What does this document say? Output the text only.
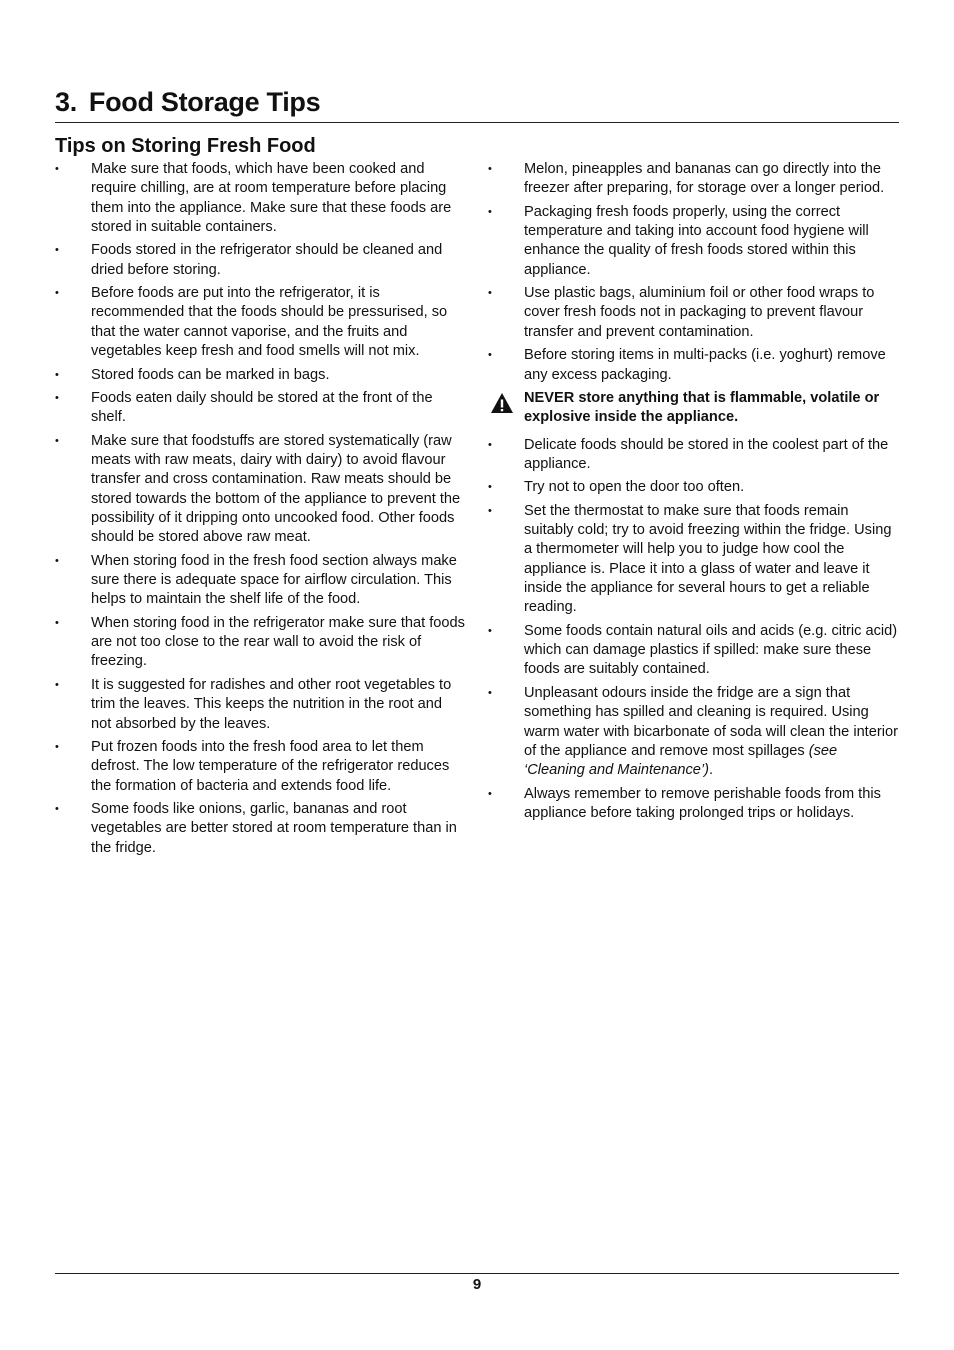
3. Food Storage Tips
Tips on Storing Fresh Food
•	Make sure that foods, which have been cooked and require chilling, are at room temperature before placing them into the appliance. Make sure that these foods are stored in suitable containers.
•	Foods stored in the refrigerator should be cleaned and dried before storing.
•	Before foods are put into the refrigerator, it is recommended that the foods should be pressurised, so that the water cannot vaporise, and the fruits and vegetables keep fresh and food smells will not mix.
•	Stored foods can be marked in bags.
•	Foods eaten daily should be stored at the front of the shelf.
•	Make sure that foodstuffs are stored systematically (raw meats with raw meats, dairy with dairy) to avoid flavour transfer and cross contamination. Raw meats should be stored towards the bottom of the appliance to prevent the possibility of it dripping onto uncooked food. Other foods should be stored above raw meat.
•	When storing food in the fresh food section always make sure there is adequate space for airflow circulation. This helps to maintain the shelf life of the food.
•	When storing food in the refrigerator make sure that foods are not too close to the rear wall to avoid the risk of freezing.
•	It is suggested for radishes and other root vegetables to trim the leaves. This keeps the nutrition in the root and not absorbed by the leaves.
•	Put frozen foods into the fresh food area to let them defrost. The low temperature of the refrigerator reduces the formation of bacteria and extends food life.
•	Some foods like onions, garlic, bananas and root vegetables are better stored at room temperature than in the fridge.
•	Melon, pineapples and bananas can go directly into the freezer after preparing, for storage over a longer period.
•	Packaging fresh foods properly, using the correct temperature and taking into account food hygiene will enhance the quality of fresh foods stored within this appliance.
•	Use plastic bags, aluminium foil or other food wraps to cover fresh foods not in packaging to prevent flavour transfer and prevent contamination.
•	Before storing items in multi-packs (i.e. yoghurt) remove any excess packaging.
NEVER store anything that is flammable, volatile or explosive inside the appliance.
•	Delicate foods should be stored in the coolest part of the appliance.
•	Try not to open the door too often.
•	Set the thermostat to make sure that foods remain suitably cold; try to avoid freezing within the fridge. Using a thermometer will help you to judge how cool the appliance is. Place it into a glass of water and leave it inside the appliance for several hours to get a reliable reading.
•	Some foods contain natural oils and acids (e.g. citric acid) which can damage plastics if spilled: make sure these foods are suitably contained.
•	Unpleasant odours inside the fridge are a sign that something has spilled and cleaning is required. Using warm water with bicarbonate of soda will clean the interior of the appliance and remove most spillages (see ‘Cleaning and Maintenance’).
•	Always remember to remove perishable foods from this appliance before taking prolonged trips or holidays.
9
